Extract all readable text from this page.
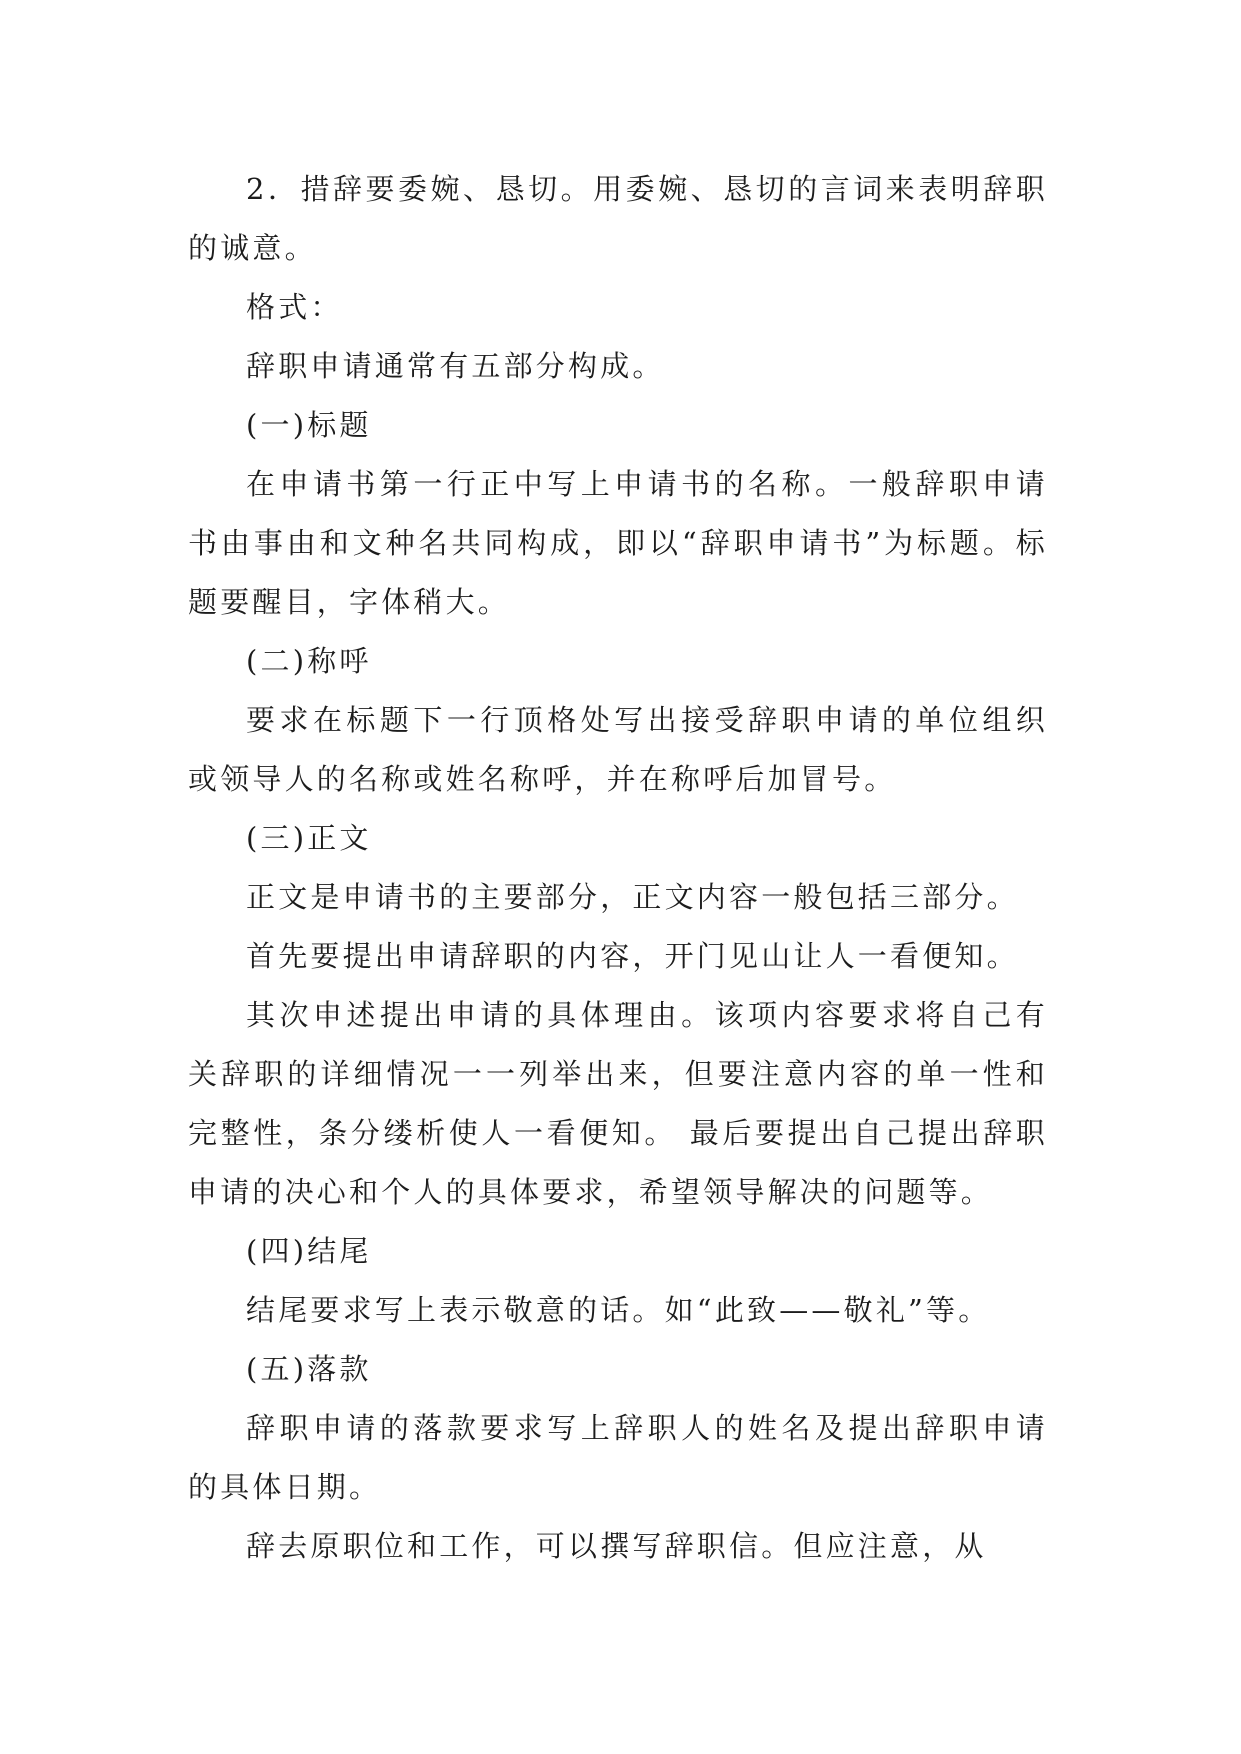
2．措辞要委婉、恳切。用委婉、恳切的言词来表明辞职的诚意。

格式：

辞职申请通常有五部分构成。

(一)标题

在申请书第一行正中写上申请书的名称。一般辞职申请书由事由和文种名共同构成，即以“辞职申请书”为标题。标题要醒目，字体稍大。

(二)称呼

要求在标题下一行顶格处写出接受辞职申请的单位组织或领导人的名称或姓名称呼，并在称呼后加冒号。

(三)正文

正文是申请书的主要部分，正文内容一般包括三部分。

首先要提出申请辞职的内容，开门见山让人一看便知。

其次申述提出申请的具体理由。该项内容要求将自己有关辞职的详细情况一一列举出来，但要注意内容的单一性和完整性，条分缕析使人一看便知。 最后要提出自己提出辞职申请的决心和个人的具体要求，希望领导解决的问题等。

(四)结尾

结尾要求写上表示敬意的话。如“此致——敬礼”等。

(五)落款

辞职申请的落款要求写上辞职人的姓名及提出辞职申请的具体日期。

辞去原职位和工作，可以撰写辞职信。但应注意，从
